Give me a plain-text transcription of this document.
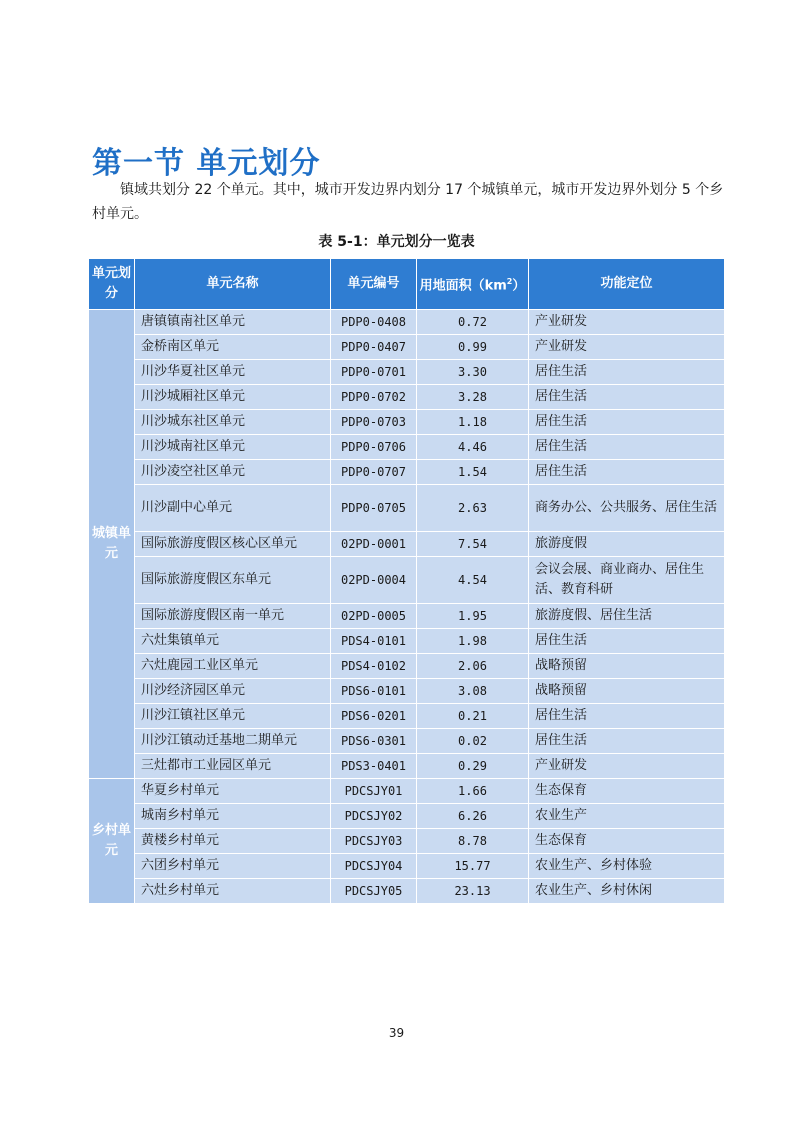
第一节 单元划分
镇域共划分 22 个单元。其中，城市开发边界内划分 17 个城镇单元，城市开发边界外划分 5 个乡村单元。
表 5-1：单元划分一览表
单元划分	单元名称	单元编号	用地面积$(km^2)$	功能定位
城镇单元	唐镇镇南社区单元	PDP0-0408	0.72	产业研发
	金桥南区单元	PDP0-0407	0.99	产业研发
	川沙华夏社区单元	PDP0-0701	3.30	居住生活
	川沙城厢社区单元	PDP0-0702	3.28	居住生活
	川沙城东社区单元	PDP0-0703	1.18	居住生活
	川沙城南社区单元	PDP0-0706	4.46	居住生活
	川沙凌空社区单元	PDP0-0707	1.54	居住生活
	川沙副中心单元	PDP0-0705	2.63	商务办公、公共服务、居住生活
	国际旅游度假区核心区单元	02PD-0001	7.54	旅游度假
	国际旅游度假区东单元	02PD-0004	4.54	会议会展、商业商办、居住生活、教育科研
	国际旅游度假区南一单元	02PD-0005	1.95	旅游度假、居住生活
	六灶集镇单元	PDS4-0101	1.98	居住生活
	六灶鹿园工业区单元	PDS4-0102	2.06	战略预留
	川沙经济园区单元	PDS6-0101	3.08	战略预留
	川沙江镇社区单元	PDS6-0201	0.21	居住生活
	川沙江镇动迁基地二期单元	PDS6-0301	0.02	居住生活
	三灶都市工业园区单元	PDS3-0401	0.29	产业研发
乡村单元	华夏乡村单元	PDCSJY01	1.66	生态保育
	城南乡村单元	PDCSJY02	6.26	农业生产
	黄楼乡村单元	PDCSJY03	8.78	生态保育
	六团乡村单元	PDCSJY04	15.77	农业生产、乡村体验
	六灶乡村单元	PDCSJY05	23.13	农业生产、乡村休闲
39
